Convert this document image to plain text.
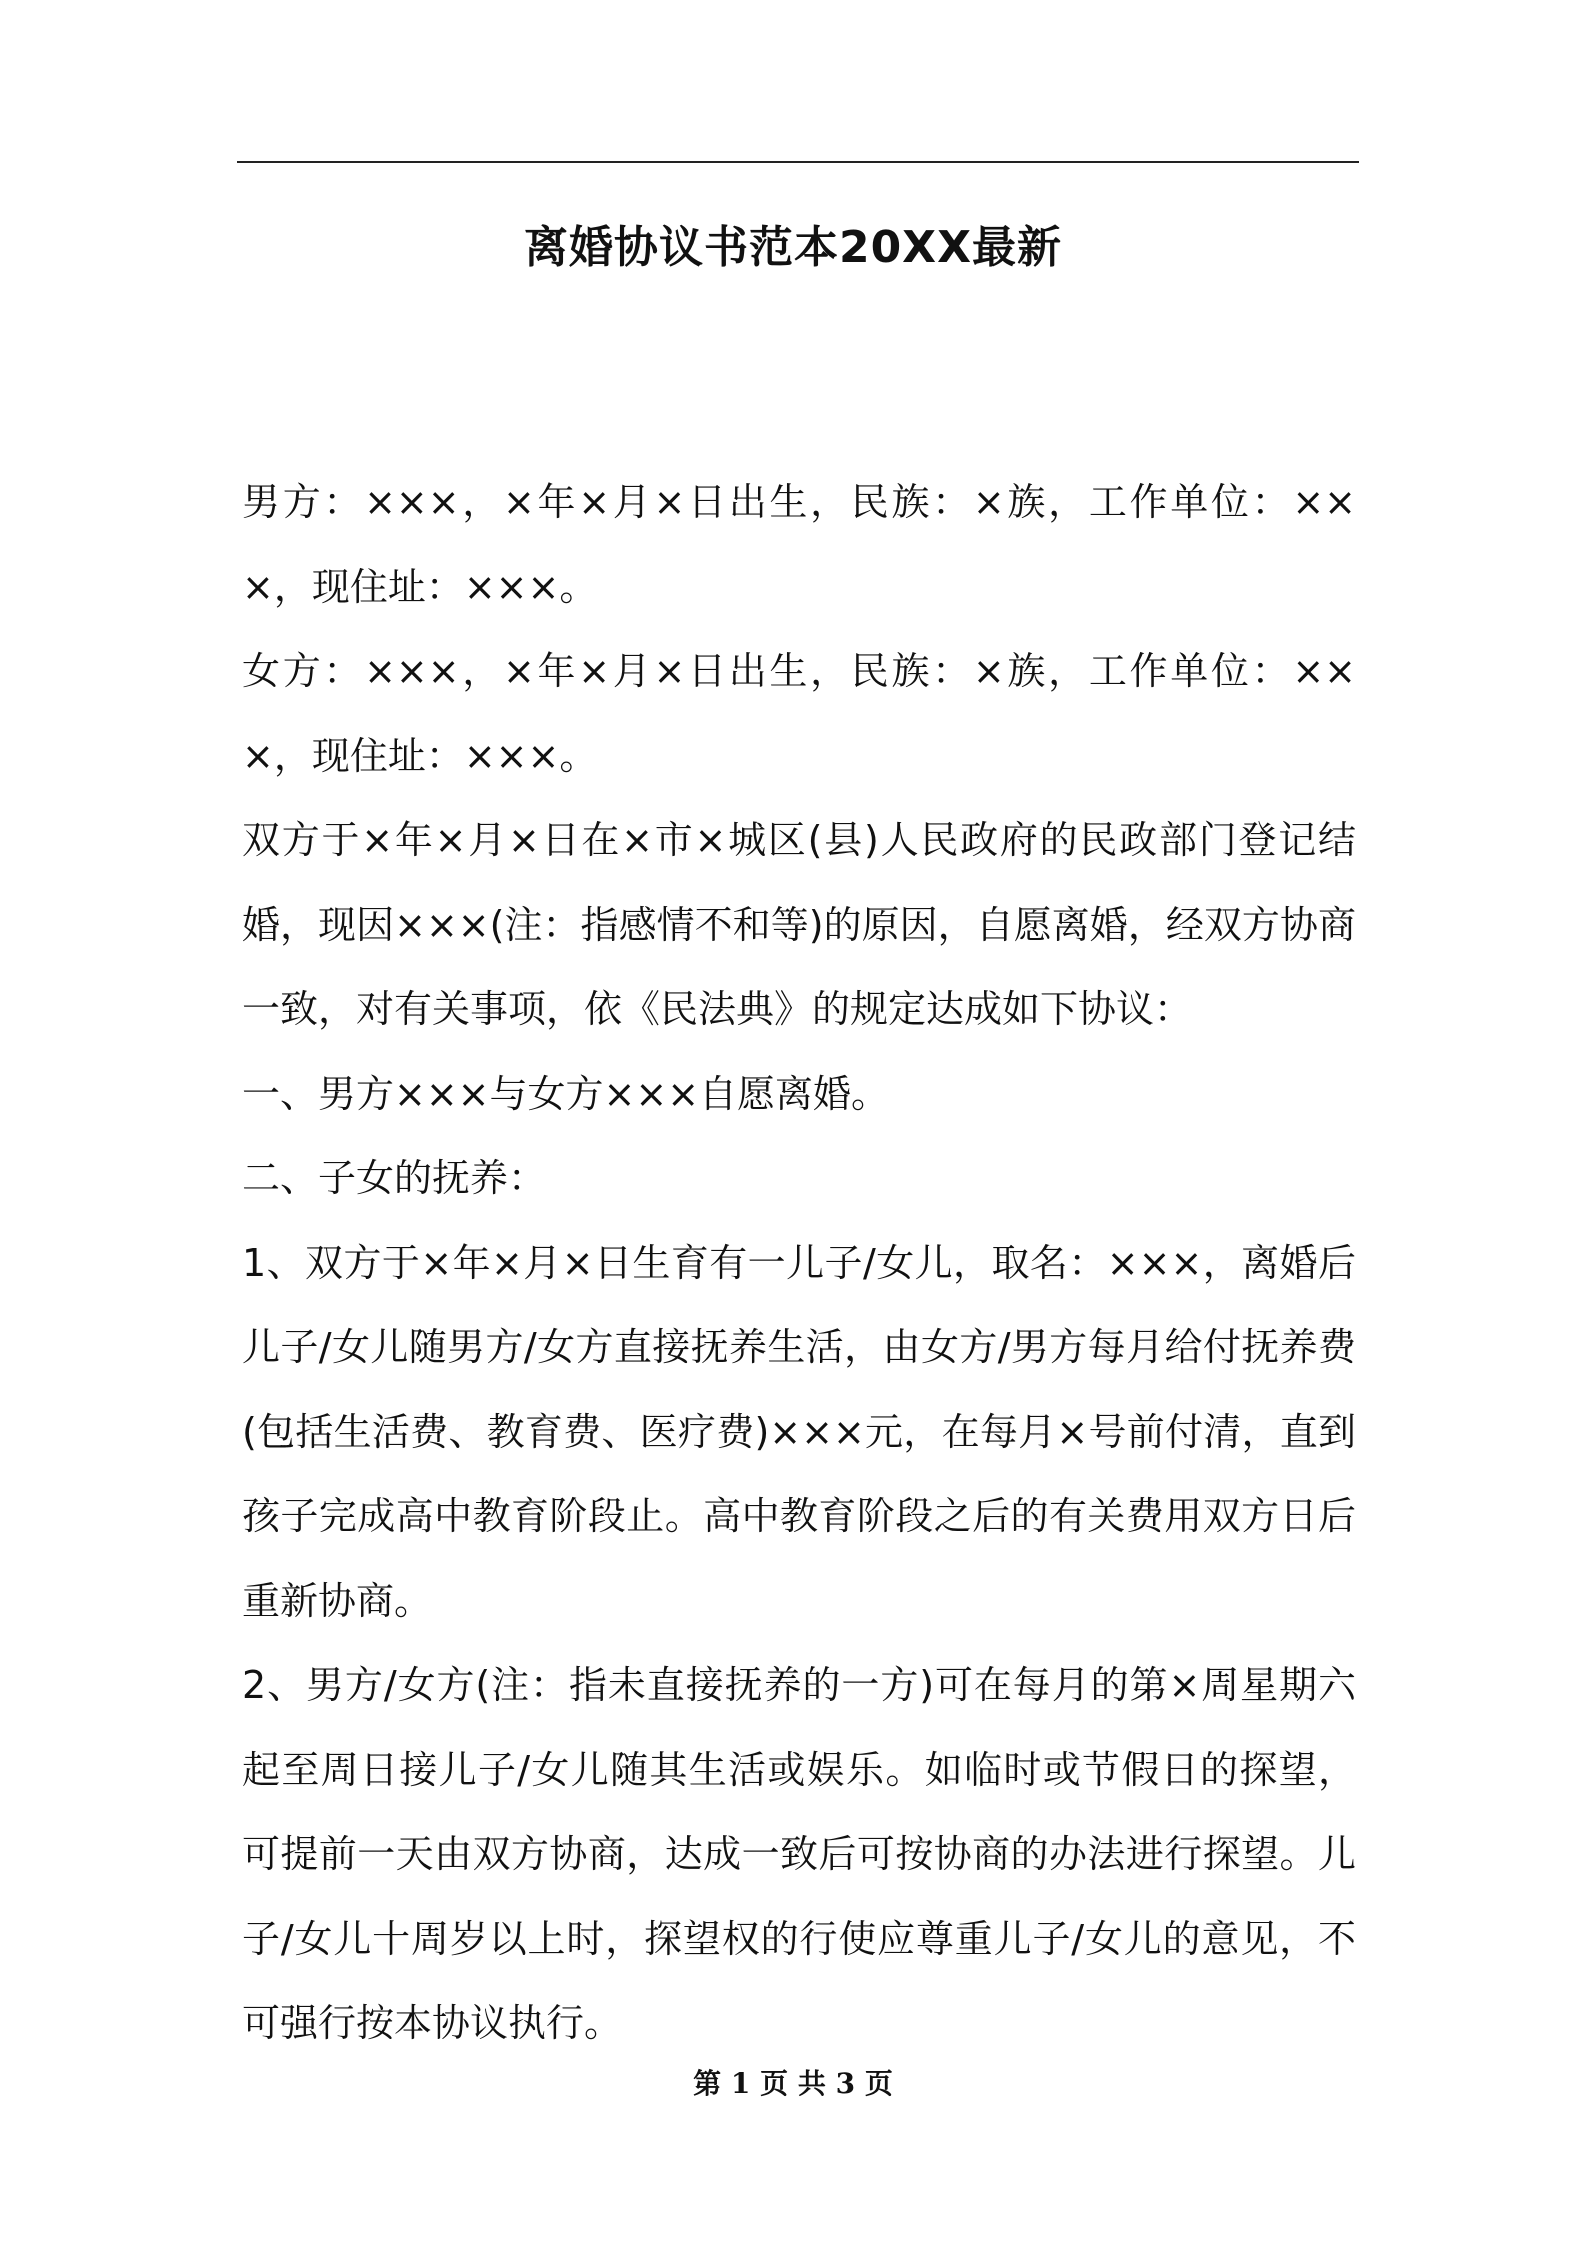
离婚协议书范本20XX最新

男方：×××，×年×月×日出生，民族：×族，工作单位：×××，现住址：×××。

女方：×××，×年×月×日出生，民族：×族，工作单位：×××，现住址：×××。

双方于×年×月×日在×市×城区(县)人民政府的民政部门登记结婚，现因×××(注：指感情不和等)的原因，自愿离婚，经双方协商一致，对有关事项，依《民法典》的规定达成如下协议：

一、男方×××与女方×××自愿离婚。

二、子女的抚养：

1、双方于×年×月×日生育有一儿子/女儿，取名：×××，离婚后儿子/女儿随男方/女方直接抚养生活，由女方/男方每月给付抚养费(包括生活费、教育费、医疗费)×××元，在每月×号前付清，直到孩子完成高中教育阶段止。高中教育阶段之后的有关费用双方日后重新协商。

2、男方/女方(注：指未直接抚养的一方)可在每月的第×周星期六起至周日接儿子/女儿随其生活或娱乐。如临时或节假日的探望，可提前一天由双方协商，达成一致后可按协商的办法进行探望。儿子/女儿十周岁以上时，探望权的行使应尊重儿子/女儿的意见，不可强行按本协议执行。

第 1 页 共 3 页
